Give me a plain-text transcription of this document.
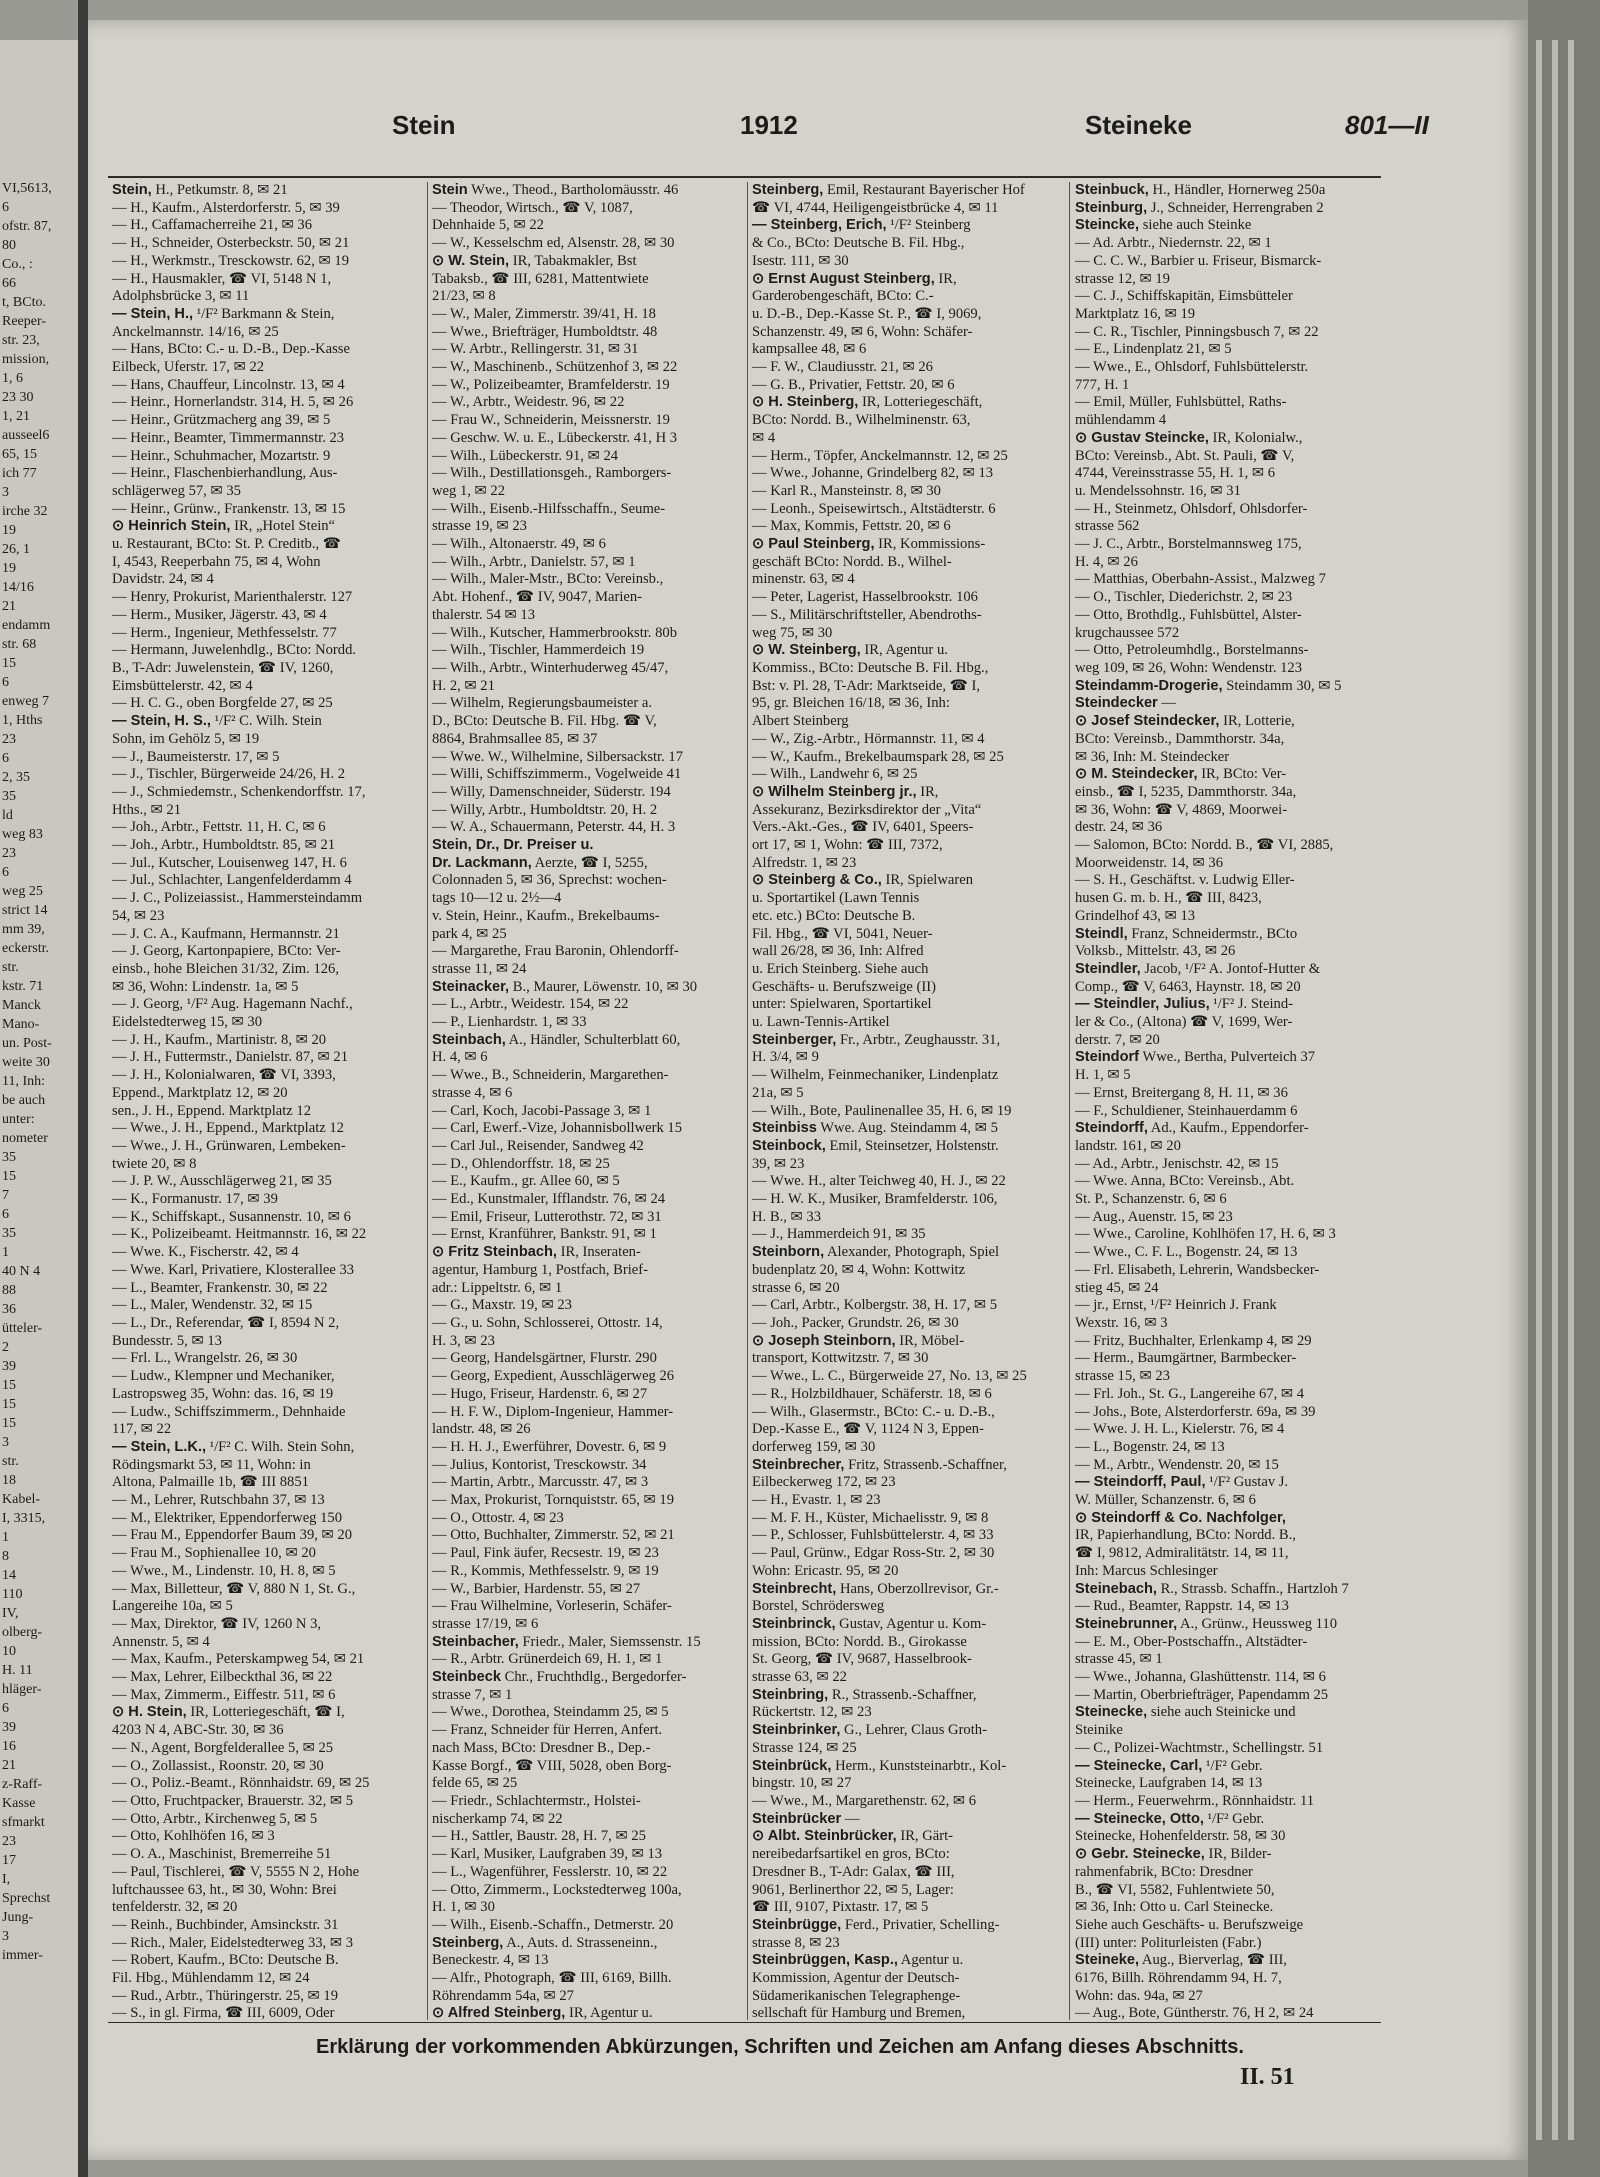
VI,5613,
6
ofstr. 87,
80
Co., :
66
t, BCto.
Reeper-
str. 23,
mission,
1, 6
23 30
1, 21
ausseel6
65, 15
ich 77
3
irche 32
19
26, 1
19
14/16
21
endamm
str. 68
15
6
enweg 7
1, Hths
23
6
2, 35
35
ld
weg 83
23
6
weg 25
strict 14
mm 39,
eckerstr.
str.
kstr. 71
Manck
Mano-
un. Post-
weite 30
11, Inh:
be auch
unter:
nometer
35
15
7
6
35
1
40 N 4
88
36
ütteler-
2
39
15
15
15
3
str.
18
Kabel-
I, 3315,
1
8
14
110
IV,
olberg-
10
H. 11
hläger-
6
39
16
21
z-Raff-
Kasse
sfmarkt
23
17
I,
Sprechst
Jung-
3
immer-
Stein	1912	Steineke	801—II
Stein, H., Petkumstr. 8, ✉ 21
— H., Kaufm., Alsterdorferstr. 5, ✉ 39
— H., Caffamacherreihe 21, ✉ 36
— H., Schneider, Osterbeckstr. 50, ✉ 21
— H., Werkmstr., Tresckowstr. 62, ✉ 19
— H., Hausmakler, ☎ VI, 5148 N 1,
Adolphsbrücke 3, ✉ 11
— Stein, H., ¹/F² Barkmann & Stein,
Anckelmannstr. 14/16, ✉ 25
— Hans, BCto: C.- u. D.-B., Dep.-Kasse
Eilbeck, Uferstr. 17, ✉ 22
— Hans, Chauffeur, Lincolnstr. 13, ✉ 4
— Heinr., Hornerlandstr. 314, H. 5, ✉ 26
— Heinr., Grützmacherg ang 39, ✉ 5
— Heinr., Beamter, Timmermannstr. 23
— Heinr., Schuhmacher, Mozartstr. 9
— Heinr., Flaschenbierhandlung, Aus-
schlägerweg 57, ✉ 35
— Heinr., Grünw., Frankenstr. 13, ✉ 15
⊙ Heinrich Stein, IR, „Hotel Stein“
u. Restaurant, BCto: St. P. Creditb., ☎
I, 4543, Reeperbahn 75, ✉ 4, Wohn
Davidstr. 24, ✉ 4
— Henry, Prokurist, Marienthalerstr. 127
— Herm., Musiker, Jägerstr. 43, ✉ 4
— Herm., Ingenieur, Methfesselstr. 77
— Hermann, Juwelenhdlg., BCto: Nordd.
B., T-Adr: Juwelenstein, ☎ IV, 1260,
Eimsbüttelerstr. 42, ✉ 4
— H. C. G., oben Borgfelde 27, ✉ 25
— Stein, H. S., ¹/F² C. Wilh. Stein
Sohn, im Gehölz 5, ✉ 19
— J., Baumeisterstr. 17, ✉ 5
— J., Tischler, Bürgerweide 24/26, H. 2
— J., Schmiedemstr., Schenkendorffstr. 17,
Hths., ✉ 21
— Joh., Arbtr., Fettstr. 11, H. C, ✉ 6
— Joh., Arbtr., Humboldtstr. 85, ✉ 21
— Jul., Kutscher, Louisenweg 147, H. 6
— Jul., Schlachter, Langenfelderdamm 4
— J. C., Polizeiassist., Hammersteindamm
54, ✉ 23
— J. C. A., Kaufmann, Hermannstr. 21
— J. Georg, Kartonpapiere, BCto: Ver-
einsb., hohe Bleichen 31/32, Zim. 126,
✉ 36, Wohn: Lindenstr. 1a, ✉ 5
— J. Georg, ¹/F² Aug. Hagemann Nachf.,
Eidelstedterweg 15, ✉ 30
— J. H., Kaufm., Martinistr. 8, ✉ 20
— J. H., Futtermstr., Danielstr. 87, ✉ 21
— J. H., Kolonialwaren, ☎ VI, 3393,
Eppend., Marktplatz 12, ✉ 20
sen., J. H., Eppend. Marktplatz 12
— Wwe., J. H., Eppend., Marktplatz 12
— Wwe., J. H., Grünwaren, Lembeken-
twiete 20, ✉ 8
— J. P. W., Ausschlägerweg 21, ✉ 35
— K., Formanustr. 17, ✉ 39
— K., Schiffskapt., Susannenstr. 10, ✉ 6
— K., Polizeibeamt. Heitmannstr. 16, ✉ 22
— Wwe. K., Fischerstr. 42, ✉ 4
— Wwe. Karl, Privatiere, Klosterallee 33
— L., Beamter, Frankenstr. 30, ✉ 22
— L., Maler, Wendenstr. 32, ✉ 15
— L., Dr., Referendar, ☎ I, 8594 N 2,
Bundesstr. 5, ✉ 13
— Frl. L., Wrangelstr. 26, ✉ 30
— Ludw., Klempner und Mechaniker,
Lastropsweg 35, Wohn: das. 16, ✉ 19
— Ludw., Schiffszimmerm., Dehnhaide
117, ✉ 22
— Stein, L.K., ¹/F² C. Wilh. Stein Sohn,
Rödingsmarkt 53, ✉ 11, Wohn: in
Altona, Palmaille 1b, ☎ III 8851
— M., Lehrer, Rutschbahn 37, ✉ 13
— M., Elektriker, Eppendorferweg 150
— Frau M., Eppendorfer Baum 39, ✉ 20
— Frau M., Sophienallee 10, ✉ 20
— Wwe., M., Lindenstr. 10, H. 8, ✉ 5
— Max, Billetteur, ☎ V, 880 N 1, St. G.,
Langereihe 10a, ✉ 5
— Max, Direktor, ☎ IV, 1260 N 3,
Annenstr. 5, ✉ 4
— Max, Kaufm., Peterskampweg 54, ✉ 21
— Max, Lehrer, Eilbeckthal 36, ✉ 22
— Max, Zimmerm., Eiffestr. 511, ✉ 6
⊙ H. Stein, IR, Lotteriegeschäft, ☎ I,
4203 N 4, ABC-Str. 30, ✉ 36
— N., Agent, Borgfelderallee 5, ✉ 25
— O., Zollassist., Roonstr. 20, ✉ 30
— O., Poliz.-Beamt., Rönnhaidstr. 69, ✉ 25
— Otto, Fruchtpacker, Brauerstr. 32, ✉ 5
— Otto, Arbtr., Kirchenweg 5, ✉ 5
— Otto, Kohlhöfen 16, ✉ 3
— O. A., Maschinist, Bremerreihe 51
— Paul, Tischlerei, ☎ V, 5555 N 2, Hohe
luftchaussee 63, ht., ✉ 30, Wohn: Brei
tenfelderstr. 32, ✉ 20
— Reinh., Buchbinder, Amsinckstr. 31
— Rich., Maler, Eidelstedterweg 33, ✉ 3
— Robert, Kaufm., BCto: Deutsche B.
Fil. Hbg., Mühlendamm 12, ✉ 24
— Rud., Arbtr., Thüringerstr. 25, ✉ 19
— S., in gl. Firma, ☎ III, 6009, Oder
Stein Wwe., Theod., Bartholomäusstr. 46
— Theodor, Wirtsch., ☎ V, 1087,
Dehnhaide 5, ✉ 22
— W., Kesselschm ed, Alsenstr. 28, ✉ 30
⊙ W. Stein, IR, Tabakmakler, Bst
Tabaksb., ☎ III, 6281, Mattentwiete
21/23, ✉ 8
— W., Maler, Zimmerstr. 39/41, H. 18
— Wwe., Briefträger, Humboldtstr. 48
— W. Arbtr., Rellingerstr. 31, ✉ 31
— W., Maschinenb., Schützenhof 3, ✉ 22
— W., Polizeibeamter, Bramfelderstr. 19
— W., Arbtr., Weidestr. 96, ✉ 22
— Frau W., Schneiderin, Meissnerstr. 19
— Geschw. W. u. E., Lübeckerstr. 41, H 3
— Wilh., Lübeckerstr. 91, ✉ 24
— Wilh., Destillationsgeh., Ramborgers-
weg 1, ✉ 22
— Wilh., Eisenb.-Hilfsschaffn., Seume-
strasse 19, ✉ 23
— Wilh., Altonaerstr. 49, ✉ 6
— Wilh., Arbtr., Danielstr. 57, ✉ 1
— Wilh., Maler-Mstr., BCto: Vereinsb.,
Abt. Hohenf., ☎ IV, 9047, Marien-
thalerstr. 54 ✉ 13
— Wilh., Kutscher, Hammerbrookstr. 80b
— Wilh., Tischler, Hammerdeich 19
— Wilh., Arbtr., Winterhuderweg 45/47,
H. 2, ✉ 21
— Wilhelm, Regierungsbaumeister a.
D., BCto: Deutsche B. Fil. Hbg. ☎ V,
8864, Brahmsallee 85, ✉ 37
— Wwe. W., Wilhelmine, Silbersackstr. 17
— Willi, Schiffszimmerm., Vogelweide 41
— Willy, Damenschneider, Süderstr. 194
— Willy, Arbtr., Humboldtstr. 20, H. 2
— W. A., Schauermann, Peterstr. 44, H. 3
Stein, Dr., Dr. Preiser u.
Dr. Lackmann, Aerzte, ☎ I, 5255,
Colonnaden 5, ✉ 36, Sprechst: wochen-
tags 10—12 u. 2½—4
v. Stein, Heinr., Kaufm., Brekelbaums-
park 4, ✉ 25
— Margarethe, Frau Baronin, Ohlendorff-
strasse 11, ✉ 24
Steinacker, B., Maurer, Löwenstr. 10, ✉ 30
— L., Arbtr., Weidestr. 154, ✉ 22
— P., Lienhardstr. 1, ✉ 33
Steinbach, A., Händler, Schulterblatt 60,
H. 4, ✉ 6
— Wwe., B., Schneiderin, Margarethen-
strasse 4, ✉ 6
— Carl, Koch, Jacobi-Passage 3, ✉ 1
— Carl, Ewerf.-Vize, Johannisbollwerk 15
— Carl Jul., Reisender, Sandweg 42
— D., Ohlendorffstr. 18, ✉ 25
— E., Kaufm., gr. Allee 60, ✉ 5
— Ed., Kunstmaler, Ifflandstr. 76, ✉ 24
— Emil, Friseur, Lutterothstr. 72, ✉ 31
— Ernst, Kranführer, Bankstr. 91, ✉ 1
⊙ Fritz Steinbach, IR, Inseraten-
agentur, Hamburg 1, Postfach, Brief-
adr.: Lippeltstr. 6, ✉ 1
— G., Maxstr. 19, ✉ 23
— G., u. Sohn, Schlosserei, Ottostr. 14,
H. 3, ✉ 23
— Georg, Handelsgärtner, Flurstr. 290
— Georg, Expedient, Ausschlägerweg 26
— Hugo, Friseur, Hardenstr. 6, ✉ 27
— H. F. W., Diplom-Ingenieur, Hammer-
landstr. 48, ✉ 26
— H. H. J., Ewerführer, Dovestr. 6, ✉ 9
— Julius, Kontorist, Tresckowstr. 34
— Martin, Arbtr., Marcusstr. 47, ✉ 3
— Max, Prokurist, Tornquiststr. 65, ✉ 19
— O., Ottostr. 4, ✉ 23
— Otto, Buchhalter, Zimmerstr. 52, ✉ 21
— Paul, Fink äufer, Recsestr. 19, ✉ 23
— R., Kommis, Methfesselstr. 9, ✉ 19
— W., Barbier, Hardenstr. 55, ✉ 27
— Frau Wilhelmine, Vorleserin, Schäfer-
strasse 17/19, ✉ 6
Steinbacher, Friedr., Maler, Siemssenstr. 15
— R., Arbtr. Grünerdeich 69, H. 1, ✉ 1
Steinbeck Chr., Fruchthdlg., Bergedorfer-
strasse 7, ✉ 1
— Wwe., Dorothea, Steindamm 25, ✉ 5
— Franz, Schneider für Herren, Anfert.
nach Mass, BCto: Dresdner B., Dep.-
Kasse Borgf., ☎ VIII, 5028, oben Borg-
felde 65, ✉ 25
— Friedr., Schlachtermstr., Holstei-
nischerkamp 74, ✉ 22
— H., Sattler, Baustr. 28, H. 7, ✉ 25
— Karl, Musiker, Laufgraben 39, ✉ 13
— L., Wagenführer, Fesslerstr. 10, ✉ 22
— Otto, Zimmerm., Lockstedterweg 100a,
H. 1, ✉ 30
— Wilh., Eisenb.-Schaffn., Detmerstr. 20
Steinberg, A., Auts. d. Strasseneinn.,
Beneckestr. 4, ✉ 13
— Alfr., Photograph, ☎ III, 6169, Billh.
Röhrendamm 54a, ✉ 27
⊙ Alfred Steinberg, IR, Agentur u.
Steinberg, Emil, Restaurant Bayerischer Hof
☎ VI, 4744, Heiligengeistbrücke 4, ✉ 11
— Steinberg, Erich, ¹/F² Steinberg
& Co., BCto: Deutsche B. Fil. Hbg.,
Isestr. 111, ✉ 30
⊙ Ernst August Steinberg, IR,
Garderobengeschäft, BCto: C.-
u. D.-B., Dep.-Kasse St. P., ☎ I, 9069,
Schanzenstr. 49, ✉ 6, Wohn: Schäfer-
kampsallee 48, ✉ 6
— F. W., Claudiusstr. 21, ✉ 26
— G. B., Privatier, Fettstr. 20, ✉ 6
⊙ H. Steinberg, IR, Lotteriegeschäft,
BCto: Nordd. B., Wilhelminenstr. 63,
✉ 4
— Herm., Töpfer, Anckelmannstr. 12, ✉ 25
— Wwe., Johanne, Grindelberg 82, ✉ 13
— Karl R., Mansteinstr. 8, ✉ 30
— Leonh., Speisewirtsch., Altstädterstr. 6
— Max, Kommis, Fettstr. 20, ✉ 6
⊙ Paul Steinberg, IR, Kommissions-
geschäft BCto: Nordd. B., Wilhel-
minenstr. 63, ✉ 4
— Peter, Lagerist, Hasselbrookstr. 106
— S., Militärschriftsteller, Abendroths-
weg 75, ✉ 30
⊙ W. Steinberg, IR, Agentur u.
Kommiss., BCto: Deutsche B. Fil. Hbg.,
Bst: v. Pl. 28, T-Adr: Marktseide, ☎ I,
95, gr. Bleichen 16/18, ✉ 36, Inh:
Albert Steinberg
— W., Zig.-Arbtr., Hörmannstr. 11, ✉ 4
— W., Kaufm., Brekelbaumspark 28, ✉ 25
— Wilh., Landwehr 6, ✉ 25
⊙ Wilhelm Steinberg jr., IR,
Assekuranz, Bezirksdirektor der „Vita“
Vers.-Akt.-Ges., ☎ IV, 6401, Speers-
ort 17, ✉ 1, Wohn: ☎ III, 7372,
Alfredstr. 1, ✉ 23
⊙ Steinberg & Co., IR, Spielwaren
u. Sportartikel (Lawn Tennis
etc. etc.) BCto: Deutsche B.
Fil. Hbg., ☎ VI, 5041, Neuer-
wall 26/28, ✉ 36, Inh: Alfred
u. Erich Steinberg. Siehe auch
Geschäfts- u. Berufszweige (II)
unter: Spielwaren, Sportartikel
u. Lawn-Tennis-Artikel
Steinberger, Fr., Arbtr., Zeughausstr. 31,
H. 3/4, ✉ 9
— Wilhelm, Feinmechaniker, Lindenplatz
21a, ✉ 5
— Wilh., Bote, Paulinenallee 35, H. 6, ✉ 19
Steinbiss Wwe. Aug. Steindamm 4, ✉ 5
Steinbock, Emil, Steinsetzer, Holstenstr.
39, ✉ 23
— Wwe. H., alter Teichweg 40, H. J., ✉ 22
— H. W. K., Musiker, Bramfelderstr. 106,
H. B., ✉ 33
— J., Hammerdeich 91, ✉ 35
Steinborn, Alexander, Photograph, Spiel
budenplatz 20, ✉ 4, Wohn: Kottwitz
strasse 6, ✉ 20
— Carl, Arbtr., Kolbergstr. 38, H. 17, ✉ 5
— Joh., Packer, Grundstr. 26, ✉ 30
⊙ Joseph Steinborn, IR, Möbel-
transport, Kottwitzstr. 7, ✉ 30
— Wwe., L. C., Bürgerweide 27, No. 13, ✉ 25
— R., Holzbildhauer, Schäferstr. 18, ✉ 6
— Wilh., Glasermstr., BCto: C.- u. D.-B.,
Dep.-Kasse E., ☎ V, 1124 N 3, Eppen-
dorferweg 159, ✉ 30
Steinbrecher, Fritz, Strassenb.-Schaffner,
Eilbeckerweg 172, ✉ 23
— H., Evastr. 1, ✉ 23
— M. F. H., Küster, Michaelisstr. 9, ✉ 8
— P., Schlosser, Fuhlsbüttelerstr. 4, ✉ 33
— Paul, Grünw., Edgar Ross-Str. 2, ✉ 30
Wohn: Ericastr. 95, ✉ 20
Steinbrecht, Hans, Oberzollrevisor, Gr.-
Borstel, Schrödersweg
Steinbrinck, Gustav, Agentur u. Kom-
mission, BCto: Nordd. B., Girokasse
St. Georg, ☎ IV, 9687, Hasselbrook-
strasse 63, ✉ 22
Steinbring, R., Strassenb.-Schaffner,
Rückertstr. 12, ✉ 23
Steinbrinker, G., Lehrer, Claus Groth-
Strasse 124, ✉ 25
Steinbrück, Herm., Kunststeinarbtr., Kol-
bingstr. 10, ✉ 27
— Wwe., M., Margarethenstr. 62, ✉ 6
Steinbrücker —
⊙ Albt. Steinbrücker, IR, Gärt-
nereibedarfsartikel en gros, BCto:
Dresdner B., T-Adr: Galax, ☎ III,
9061, Berlinerthor 22, ✉ 5, Lager:
☎ III, 9107, Pixtastr. 17, ✉ 5
Steinbrügge, Ferd., Privatier, Schelling-
strasse 8, ✉ 23
Steinbrüggen, Kasp., Agentur u.
Kommission, Agentur der Deutsch-
Südamerikanischen Telegraphenge-
sellschaft für Hamburg und Bremen,
Steinbuck, H., Händler, Hornerweg 250a
Steinburg, J., Schneider, Herrengraben 2
Steincke, siehe auch Steinke
— Ad. Arbtr., Niedernstr. 22, ✉ 1
— C. C. W., Barbier u. Friseur, Bismarck-
strasse 12, ✉ 19
— C. J., Schiffskapitän, Eimsbütteler
Marktplatz 16, ✉ 19
— C. R., Tischler, Pinningsbusch 7, ✉ 22
— E., Lindenplatz 21, ✉ 5
— Wwe., E., Ohlsdorf, Fuhlsbüttelerstr.
777, H. 1
— Emil, Müller, Fuhlsbüttel, Raths-
mühlendamm 4
⊙ Gustav Steincke, IR, Kolonialw.,
BCto: Vereinsb., Abt. St. Pauli, ☎ V,
4744, Vereinsstrasse 55, H. 1, ✉ 6
u. Mendelssohnstr. 16, ✉ 31
— H., Steinmetz, Ohlsdorf, Ohlsdorfer-
strasse 562
— J. C., Arbtr., Borstelmannsweg 175,
H. 4, ✉ 26
— Matthias, Oberbahn-Assist., Malzweg 7
— O., Tischler, Diederichstr. 2, ✉ 23
— Otto, Brothdlg., Fuhlsbüttel, Alster-
krugchaussee 572
— Otto, Petroleumhdlg., Borstelmanns-
weg 109, ✉ 26, Wohn: Wendenstr. 123
Steindamm-Drogerie, Steindamm 30, ✉ 5
Steindecker —
⊙ Josef Steindecker, IR, Lotterie,
BCto: Vereinsb., Dammthorstr. 34a,
✉ 36, Inh: M. Steindecker
⊙ M. Steindecker, IR, BCto: Ver-
einsb., ☎ I, 5235, Dammthorstr. 34a,
✉ 36, Wohn: ☎ V, 4869, Moorwei-
destr. 24, ✉ 36
— Salomon, BCto: Nordd. B., ☎ VI, 2885,
Moorweidenstr. 14, ✉ 36
— S. H., Geschäftst. v. Ludwig Eller-
husen G. m. b. H., ☎ III, 8423,
Grindelhof 43, ✉ 13
Steindl, Franz, Schneidermstr., BCto
Volksb., Mittelstr. 43, ✉ 26
Steindler, Jacob, ¹/F² A. Jontof-Hutter &
Comp., ☎ V, 6463, Haynstr. 18, ✉ 20
— Steindler, Julius, ¹/F² J. Steind-
ler & Co., (Altona) ☎ V, 1699, Wer-
derstr. 7, ✉ 20
Steindorf Wwe., Bertha, Pulverteich 37
H. 1, ✉ 5
— Ernst, Breitergang 8, H. 11, ✉ 36
— F., Schuldiener, Steinhauerdamm 6
Steindorff, Ad., Kaufm., Eppendorfer-
landstr. 161, ✉ 20
— Ad., Arbtr., Jenischstr. 42, ✉ 15
— Wwe. Anna, BCto: Vereinsb., Abt.
St. P., Schanzenstr. 6, ✉ 6
— Aug., Auenstr. 15, ✉ 23
— Wwe., Caroline, Kohlhöfen 17, H. 6, ✉ 3
— Wwe., C. F. L., Bogenstr. 24, ✉ 13
— Frl. Elisabeth, Lehrerin, Wandsbecker-
stieg 45, ✉ 24
— jr., Ernst, ¹/F² Heinrich J. Frank
Wexstr. 16, ✉ 3
— Fritz, Buchhalter, Erlenkamp 4, ✉ 29
— Herm., Baumgärtner, Barmbecker-
strasse 15, ✉ 23
— Frl. Joh., St. G., Langereihe 67, ✉ 4
— Johs., Bote, Alsterdorferstr. 69a, ✉ 39
— Wwe. J. H. L., Kielerstr. 76, ✉ 4
— L., Bogenstr. 24, ✉ 13
— M., Arbtr., Wendenstr. 20, ✉ 15
— Steindorff, Paul, ¹/F² Gustav J.
W. Müller, Schanzenstr. 6, ✉ 6
⊙ Steindorff & Co. Nachfolger,
IR, Papierhandlung, BCto: Nordd. B.,
☎ I, 9812, Admiralitätstr. 14, ✉ 11,
Inh: Marcus Schlesinger
Steinebach, R., Strassb. Schaffn., Hartzloh 7
— Rud., Beamter, Rappstr. 14, ✉ 13
Steinebrunner, A., Grünw., Heussweg 110
— E. M., Ober-Postschaffn., Altstädter-
strasse 45, ✉ 1
— Wwe., Johanna, Glashüttenstr. 114, ✉ 6
— Martin, Oberbriefträger, Papendamm 25
Steinecke, siehe auch Steinicke und
Steinike
— C., Polizei-Wachtmstr., Schellingstr. 51
— Steinecke, Carl, ¹/F² Gebr.
Steinecke, Laufgraben 14, ✉ 13
— Herm., Feuerwehrm., Rönnhaidstr. 11
— Steinecke, Otto, ¹/F² Gebr.
Steinecke, Hohenfelderstr. 58, ✉ 30
⊙ Gebr. Steinecke, IR, Bilder-
rahmenfabrik, BCto: Dresdner
B., ☎ VI, 5582, Fuhlentwiete 50,
✉ 36, Inh: Otto u. Carl Steinecke.
Siehe auch Geschäfts- u. Berufszweige
(III) unter: Politurleisten (Fabr.)
Steineke, Aug., Bierverlag, ☎ III,
6176, Billh. Röhrendamm 94, H. 7,
Wohn: das. 94a, ✉ 27
— Aug., Bote, Güntherstr. 76, H 2, ✉ 24
Erklärung der vorkommenden Abkürzungen, Schriften und Zeichen am Anfang dieses Abschnitts.
II. 51
